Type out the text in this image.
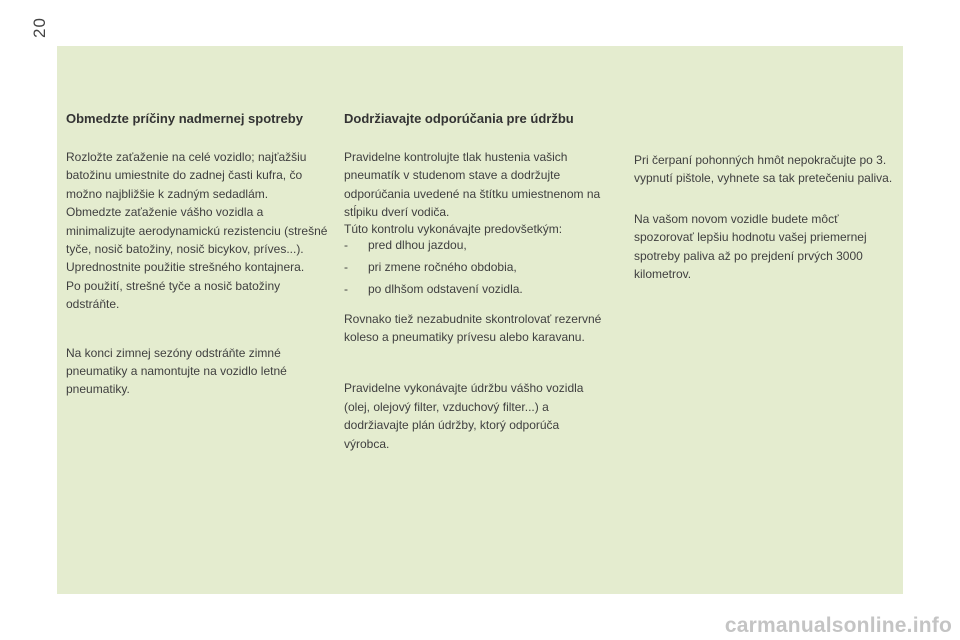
20
Obmedzte príčiny nadmernej spotreby

Rozložte zaťaženie na celé vozidlo; najťažšiu batožinu umiestnite do zadnej časti kufra, čo možno najbližšie k zadným sedadlám.

Obmedzte zaťaženie vášho vozidla a minimalizujte aerodynamickú rezistenciu (strešné tyče, nosič batožiny, nosič bicykov, príves...). Uprednostnite použitie strešného kontajnera.

Po použití, strešné tyče a nosič batožiny odstráňte.

Na konci zimnej sezóny odstráňte zimné pneumatiky a namontujte na vozidlo letné pneumatiky.

Dodržiavajte odporúčania pre údržbu

Pravidelne kontrolujte tlak hustenia vašich pneumatík v studenom stave a dodržujte odporúčania uvedené na štítku umiestnenom na stĺpiku dverí vodiča.

Túto kontrolu vykonávajte predovšetkým:

- pred dlhou jazdou,
- pri zmene ročného obdobia,
- po dlhšom odstavení vozidla.

Rovnako tiež nezabudnite skontrolovať rezervné koleso a pneumatiky prívesu alebo karavanu.

Pravidelne vykonávajte údržbu vášho vozidla (olej, olejový filter, vzduchový filter...) a dodržiavajte plán údržby, ktorý odporúča výrobca.

Pri čerpaní pohonných hmôt nepokračujte po 3. vypnutí pištole, vyhnete sa tak pretečeniu paliva.

Na vašom novom vozidle budete môcť spozorovať lepšiu hodnotu vašej priemernej spotreby paliva až po prejdení prvých 3000 kilometrov.

carmanualsonline.info
